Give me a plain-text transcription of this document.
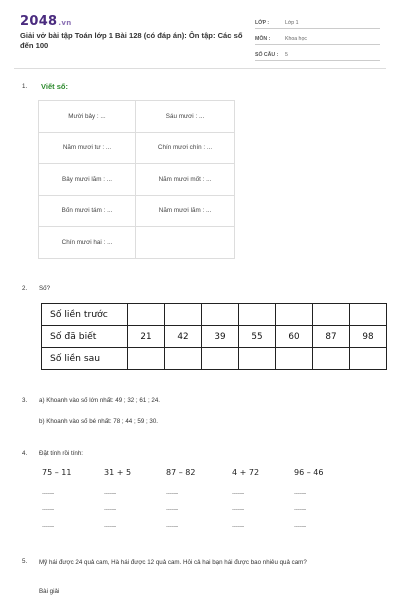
2048.vn
Giải vở bài tập Toán lớp 1 Bài 128 (có đáp án): Ôn tập: Các số đến 100
LỚP :	Lớp 1
MÔN :	Khoa học
SỐ CÂU :	5
1. Viết số:
Mười bảy : ...	Sáu mươi : ...
Năm mươi tư : ...	Chín mươi chín : ...
Bảy mươi lăm : ...	Năm mươi mốt : ...
Bốn mươi tám : ...	Năm mươi lăm : ...
Chín mươi hai : ...	
2. Số?
Số liền trước							
Số đã biết	21	42	39	55	60	87	98
Số liền sau							
3. a) Khoanh vào số lớn nhất: 49 ; 32 ; 61 ; 24.
b) Khoanh vào số bé nhất: 78 ; 44 ; 59 ; 30.
4. Đặt tính rồi tính:
75 – 11	31 + 5	87 – 82	4 + 72	96 – 46
...........	...........	...........	...........	...........
...........	...........	...........	...........	...........
...........	...........	...........	...........	...........
5. Mỹ hái được 24 quả cam, Hà hái được 12 quả cam. Hỏi cả hai bạn hái được bao nhiêu quả cam?
Bài giải
